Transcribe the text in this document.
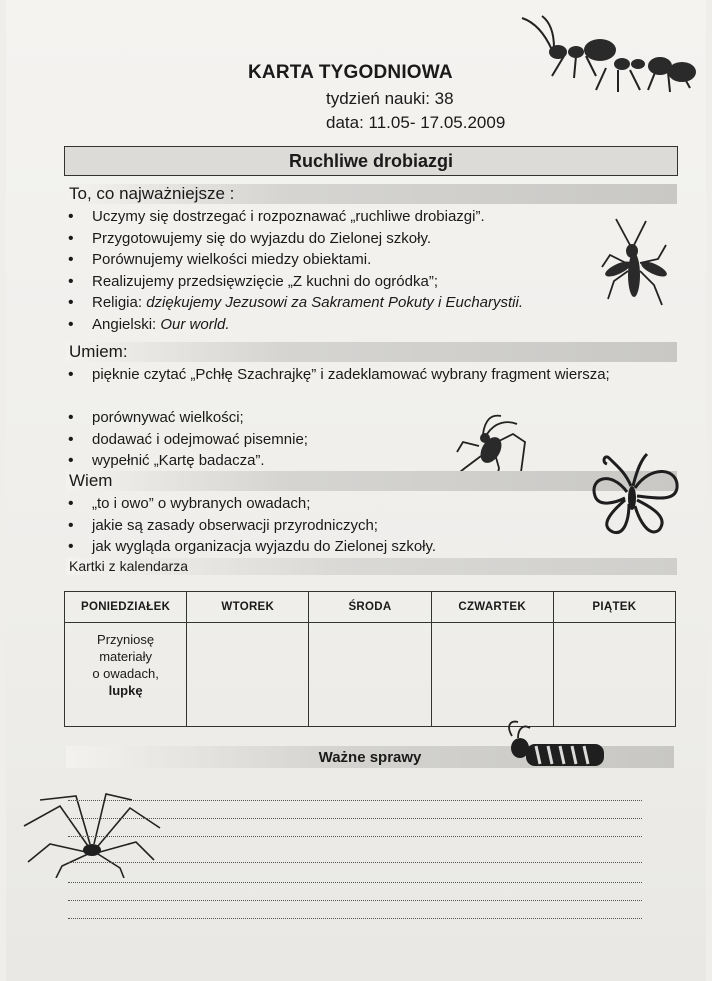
KARTA TYGODNIOWA
tydzień nauki: 38
data: 11.05- 17.05.2009
Ruchliwe drobiazgi
To, co najważniejsze :
• Uczymy się dostrzegać i rozpoznawać „ruchliwe drobiazgi”.
• Przygotowujemy się do wyjazdu do Zielonej szkoły.
• Porównujemy wielkości miedzy obiektami.
• Realizujemy przedsięwzięcie „Z kuchni do ogródka”;
• Religia: dziękujemy Jezusowi za Sakrament Pokuty i Eucharystii.
• Angielski: Our world.
Umiem:
• pięknie czytać „Pchłę Szachrajkę” i zadeklamować wybrany fragment wiersza;
• porównywać wielkości;
• dodawać i odejmować pisemnie;
• wypełnić „Kartę badacza”.
Wiem
• „to i owo” o wybranych owadach;
• jakie są zasady obserwacji przyrodniczych;
• jak wygląda organizacja wyjazdu do Zielonej szkoły.
Kartki z kalendarza
PONIEDZIAŁEK	WTOREK	ŚRODA	CZWARTEK	PIĄTEK

Przyniosę
materiały
o owadach,
lupkę				

Ważne sprawy
